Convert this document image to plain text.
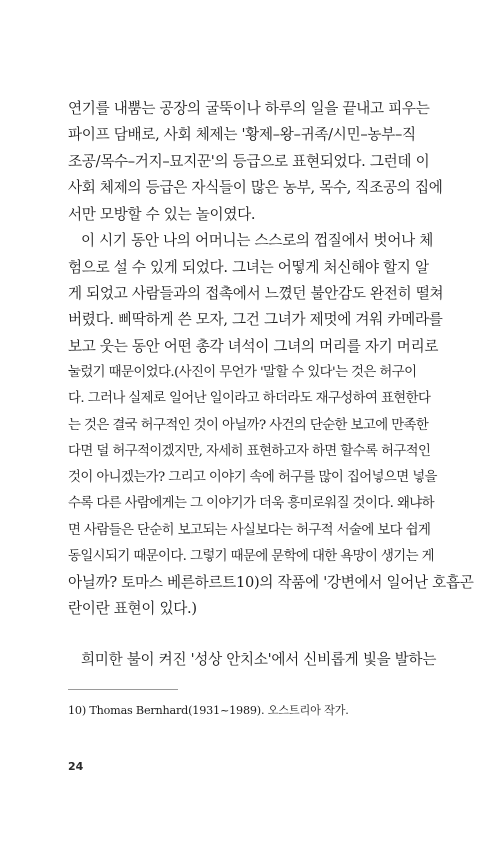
연기를 내뿜는 공장의 굴뚝이나 하루의 일을 끝내고 피우는
파이프 담배로, 사회 체제는 '황제–왕–귀족/시민–농부–직
조공/목수–거지–묘지꾼'의 등급으로 표현되었다. 그런데 이
사회 체제의 등급은 자식들이 많은 농부, 목수, 직조공의 집에
서만 모방할 수 있는 놀이였다.
이 시기 동안 나의 어머니는 스스로의 껍질에서 벗어나 체
험으로 설 수 있게 되었다. 그녀는 어떻게 처신해야 할지 알
게 되었고 사람들과의 접촉에서 느꼈던 불안감도 완전히 떨쳐
버렸다. 삐딱하게 쓴 모자, 그건 그녀가 제멋에 겨워 카메라를
보고 웃는 동안 어떤 총각 녀석이 그녀의 머리를 자기 머리로
눌렀기 때문이었다.(사진이 무언가 '말할 수 있다'는 것은 허구이
다. 그러나 실제로 일어난 일이라고 하더라도 재구성하여 표현한다
는 것은 결국 허구적인 것이 아닐까? 사건의 단순한 보고에 만족한
다면 덜 허구적이겠지만, 자세히 표현하고자 하면 할수록 허구적인
것이 아니겠는가? 그리고 이야기 속에 허구를 많이 집어넣으면 넣을
수록 다른 사람에게는 그 이야기가 더욱 흥미로워질 것이다. 왜냐하
면 사람들은 단순히 보고되는 사실보다는 허구적 서술에 보다 쉽게
동일시되기 때문이다. 그렇기 때문에 문학에 대한 욕망이 생기는 게
아닐까? 토마스 베른하르트10)의 작품에 '강변에서 일어난 호흡곤
란이란 표현이 있다.)
희미한 불이 켜진 '성상 안치소'에서 신비롭게 빛을 발하는
10) Thomas Bernhard(1931~1989). 오스트리아 작가.
24
